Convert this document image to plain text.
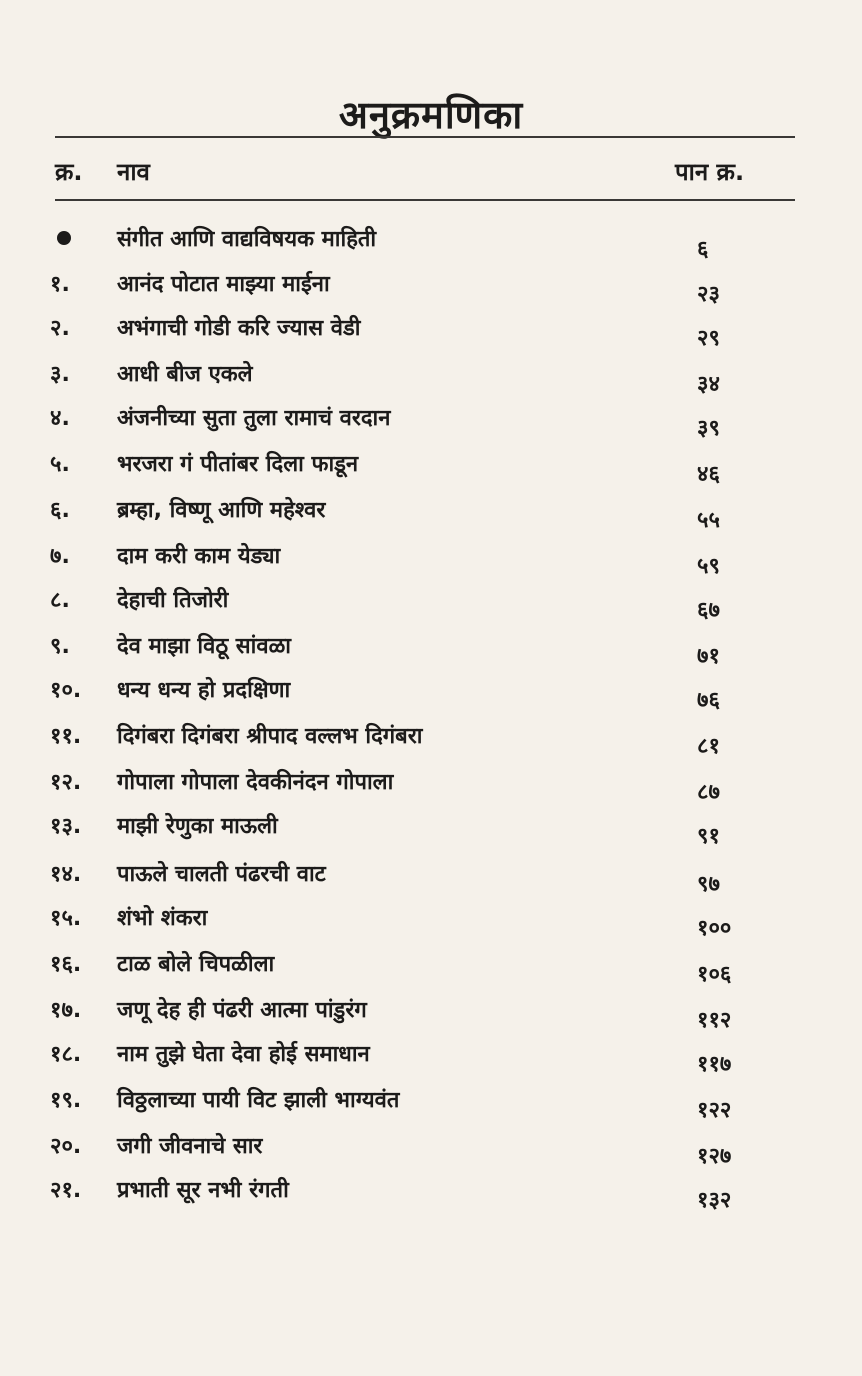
अनुक्रमणिका
क्र. नाव	पान क्र.
संगीत आणि वाद्यविषयक माहिती	६
१. आनंद पोटात माझ्या माईना	२३
२. अभंगाची गोडी करि ज्यास वेडी	२९
३. आधी बीज एकले	३४
४. अंजनीच्या सुता तुला रामाचं वरदान	३९
५. भरजरा गं पीतांबर दिला फाडून	४६
६. ब्रम्हा, विष्णू आणि महेश्वर	५५
७. दाम करी काम येड्या	५९
८. देहाची तिजोरी	६७
९. देव माझा विठू सांवळा	७१
१०. धन्य धन्य हो प्रदक्षिणा	७६
११. दिगंबरा दिगंबरा श्रीपाद वल्लभ दिगंबरा	८१
१२. गोपाला गोपाला देवकीनंदन गोपाला	८७
१३. माझी रेणुका माऊली	९१
१४. पाऊले चालती पंढरची वाट	९७
१५. शंभो शंकरा	१००
१६. टाळ बोले चिपळीला	१०६
१७. जणू देह ही पंढरी आत्मा पांडुरंग	११२
१८. नाम तुझे घेता देवा होई समाधान	११७
१९. विठ्ठलाच्या पायी विट झाली भाग्यवंत	१२२
२०. जगी जीवनाचे सार	१२७
२१. प्रभाती सूर नभी रंगती	१३२
